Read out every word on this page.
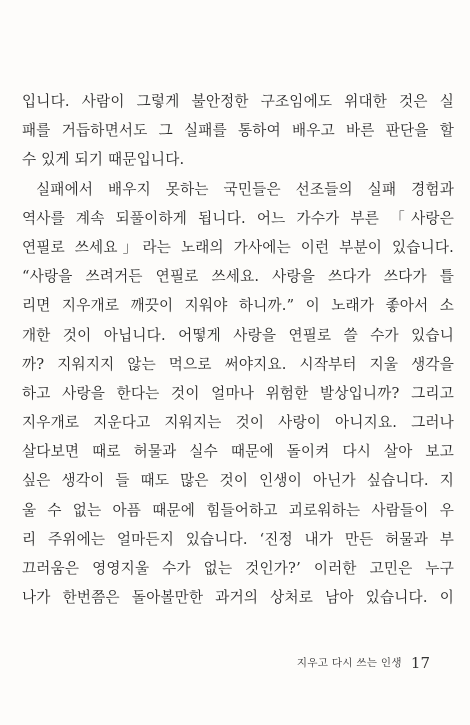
입니다. 사람이 그렇게 불안정한 구조임에도 위대한 것은 실
패를 거듭하면서도 그 실패를 통하여 배우고 바른 판단을 할
수 있게 되기 때문입니다.
실패에서 배우지 못하는 국민들은 선조들의 실패 경험과
역사를 계속 되풀이하게 됩니다. 어느 가수가 부른 「사랑은
연필로 쓰세요」라는 노래의 가사에는 이런 부분이 있습니다.
“사랑을 쓰려거든 연필로 쓰세요. 사랑을 쓰다가 쓰다가 틀
리면 지우개로 깨끗이 지워야 하니까.” 이 노래가 좋아서 소
개한 것이 아닙니다. 어떻게 사랑을 연필로 쓸 수가 있습니
까? 지워지지 않는 먹으로 써야지요. 시작부터 지울 생각을
하고 사랑을 한다는 것이 얼마나 위험한 발상입니까? 그리고
지우개로 지운다고 지워지는 것이 사랑이 아니지요. 그러나
살다보면 때로 허물과 실수 때문에 돌이켜 다시 살아 보고
싶은 생각이 들 때도 많은 것이 인생이 아닌가 싶습니다. 지
울 수 없는 아픔 때문에 힘들어하고 괴로워하는 사람들이 우
리 주위에는 얼마든지 있습니다. ‘진정 내가 만든 허물과 부
끄러움은 영영지울 수가 없는 것인가?’ 이러한 고민은 누구
나가 한번쯤은 돌아볼만한 과거의 상처로 남아 있습니다. 이
지우고 다시 쓰는 인생 17
